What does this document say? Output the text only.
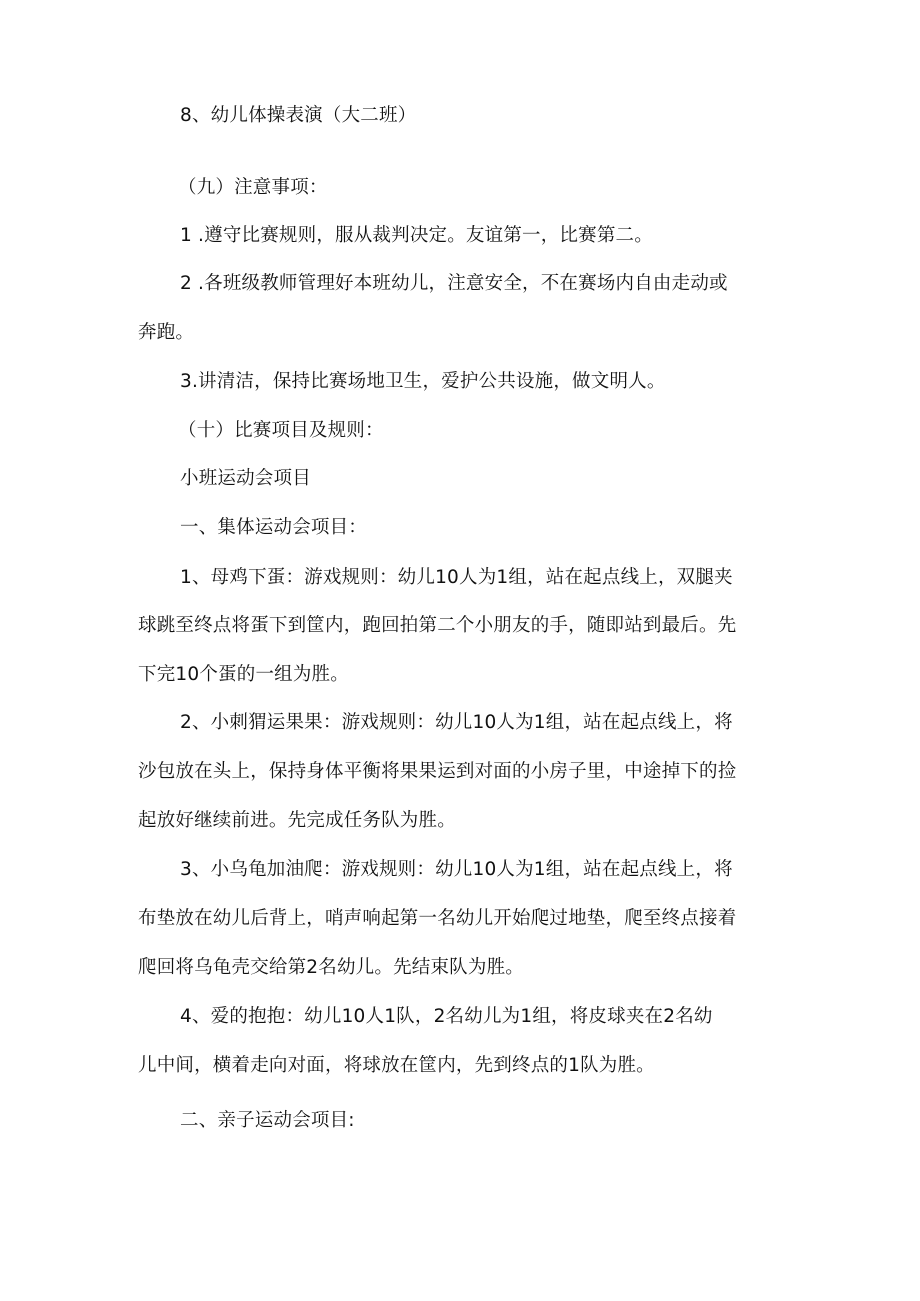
8、幼儿体操表演（大二班）
（九）注意事项：
1 .遵守比赛规则，服从裁判决定。友谊第一，比赛第二。
2 .各班级教师管理好本班幼儿，注意安全，不在赛场内自由走动或
奔跑。
3.讲清洁，保持比赛场地卫生，爱护公共设施，做文明人。
（十）比赛项目及规则：
小班运动会项目
一、集体运动会项目：
1、母鸡下蛋：游戏规则：幼儿10人为1组，站在起点线上，双腿夹
球跳至终点将蛋下到筐内，跑回拍第二个小朋友的手，随即站到最后。先
下完10个蛋的一组为胜。
2、小刺猬运果果：游戏规则：幼儿10人为1组，站在起点线上，将
沙包放在头上，保持身体平衡将果果运到对面的小房子里，中途掉下的捡
起放好继续前进。先完成任务队为胜。
3、小乌龟加油爬：游戏规则：幼儿10人为1组，站在起点线上，将
布垫放在幼儿后背上，哨声响起第一名幼儿开始爬过地垫，爬至终点接着
爬回将乌龟壳交给第2名幼儿。先结束队为胜。
4、爱的抱抱：幼儿10人1队，2名幼儿为1组，将皮球夹在2名幼
儿中间，横着走向对面，将球放在筐内，先到终点的1队为胜。
二、亲子运动会项目:
